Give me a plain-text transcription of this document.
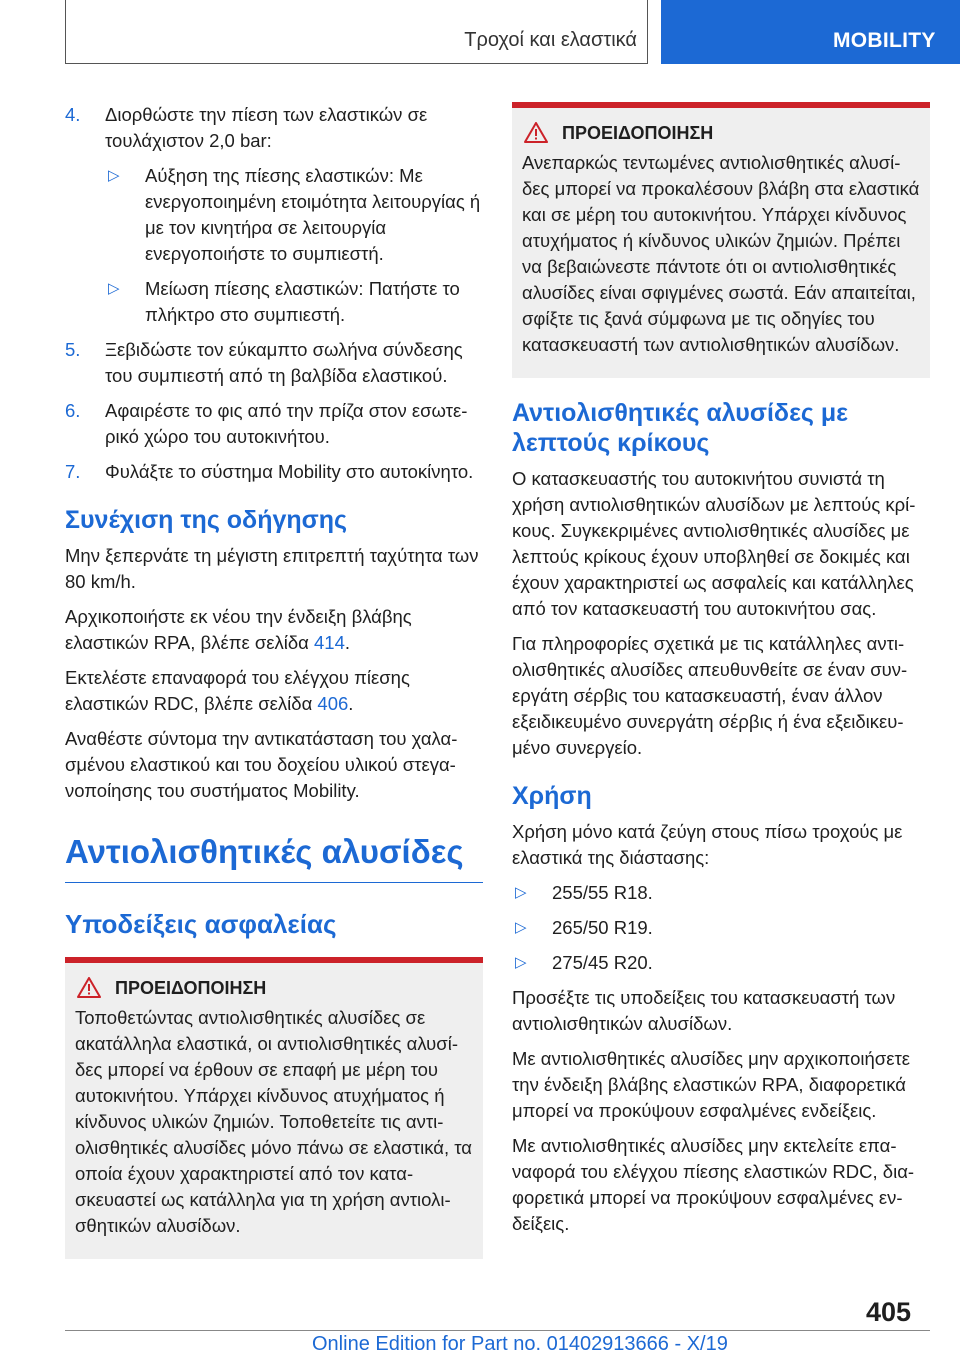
Τροχοί και ελαστικά	MOBILITY
4. Διορθώστε την πίεση των ελαστικών σε τουλάχιστον 2,0 bar:
▷ Αύξηση της πίεσης ελαστικών: Με ενεργοποιημένη ετοιμότητα λειτουργίας ή με τον κινητήρα σε λειτουργία ενεργοποιήστε το συμπιεστή.
▷ Μείωση πίεσης ελαστικών: Πατήστε το πλήκτρο στο συμπιεστή.
5. Ξεβιδώστε τον εύκαμπτο σωλήνα σύνδεσης του συμπιεστή από τη βαλβίδα ελαστικού.
6. Αφαιρέστε το φις από την πρίζα στον εσωτερικό χώρο του αυτοκινήτου.
7. Φυλάξτε το σύστημα Mobility στο αυτοκίνητο.
Συνέχιση της οδήγησης

Μην ξεπερνάτε τη μέγιστη επιτρεπτή ταχύτητα των 80 km/h.

Αρχικοποιήστε εκ νέου την ένδειξη βλάβης ελαστικών RPA, βλέπε σελίδα 414.

Εκτελέστε επαναφορά του ελέγχου πίεσης ελαστικών RDC, βλέπε σελίδα 406.

Αναθέστε σύντομα την αντικατάσταση του χαλασμένου ελαστικού και του δοχείου υλικού στεγανοποίησης του συστήματος Mobility.

Αντιολισθητικές αλυσίδες
Υποδείξεις ασφαλείας
ΠΡΟΕΙΔΟΠΟΙΗΣΗ
Τοποθετώντας αντιολισθητικές αλυσίδες σε ακατάλληλα ελαστικά, οι αντιολισθητικές αλυσίδες μπορεί να έρθουν σε επαφή με μέρη του αυτοκινήτου. Υπάρχει κίνδυνος ατυχήματος ή κίνδυνος υλικών ζημιών. Τοποθετείτε τις αντιολισθητικές αλυσίδες μόνο πάνω σε ελαστικά, τα οποία έχουν χαρακτηριστεί από τον κατασκευαστεί ως κατάλληλα για τη χρήση αντιολισθητικών αλυσίδων.
ΠΡΟΕΙΔΟΠΟΙΗΣΗ
Ανεπαρκώς τεντωμένες αντιολισθητικές αλυσίδες μπορεί να προκαλέσουν βλάβη στα ελαστικά και σε μέρη του αυτοκινήτου. Υπάρχει κίνδυνος ατυχήματος ή κίνδυνος υλικών ζημιών. Πρέπει να βεβαιώνεστε πάντοτε ότι οι αντιολισθητικές αλυσίδες είναι σφιγμένες σωστά. Εάν απαιτείται, σφίξτε τις ξανά σύμφωνα με τις οδηγίες του κατασκευαστή των αντιολισθητικών αλυσίδων.
Αντιολισθητικές αλυσίδες με λεπτούς κρίκους

Ο κατασκευαστής του αυτοκινήτου συνιστά τη χρήση αντιολισθητικών αλυσίδων με λεπτούς κρίκους. Συγκεκριμένες αντιολισθητικές αλυσίδες με λεπτούς κρίκους έχουν υποβληθεί σε δοκιμές και έχουν χαρακτηριστεί ως ασφαλείς και κατάλληλες από τον κατασκευαστή του αυτοκινήτου σας.

Για πληροφορίες σχετικά με τις κατάλληλες αντιολισθητικές αλυσίδες απευθυνθείτε σε έναν συνεργάτη σέρβις του κατασκευαστή, έναν άλλον εξειδικευμένο συνεργάτη σέρβις ή ένα εξειδικευμένο συνεργείο.

Χρήση

Χρήση μόνο κατά ζεύγη στους πίσω τροχούς με ελαστικά της διάστασης:

▷ 255/55 R18.
▷ 265/50 R19.
▷ 275/45 R20.

Προσέξτε τις υποδείξεις του κατασκευαστή των αντιολισθητικών αλυσίδων.

Με αντιολισθητικές αλυσίδες μην αρχικοποιήσετε την ένδειξη βλάβης ελαστικών RPA, διαφορετικά μπορεί να προκύψουν εσφαλμένες ενδείξεις.

Με αντιολισθητικές αλυσίδες μην εκτελείτε επαναφορά του ελέγχου πίεσης ελαστικών RDC, διαφορετικά μπορεί να προκύψουν εσφαλμένες ενδείξεις.

405
Online Edition for Part no. 01402913666 - X/19
